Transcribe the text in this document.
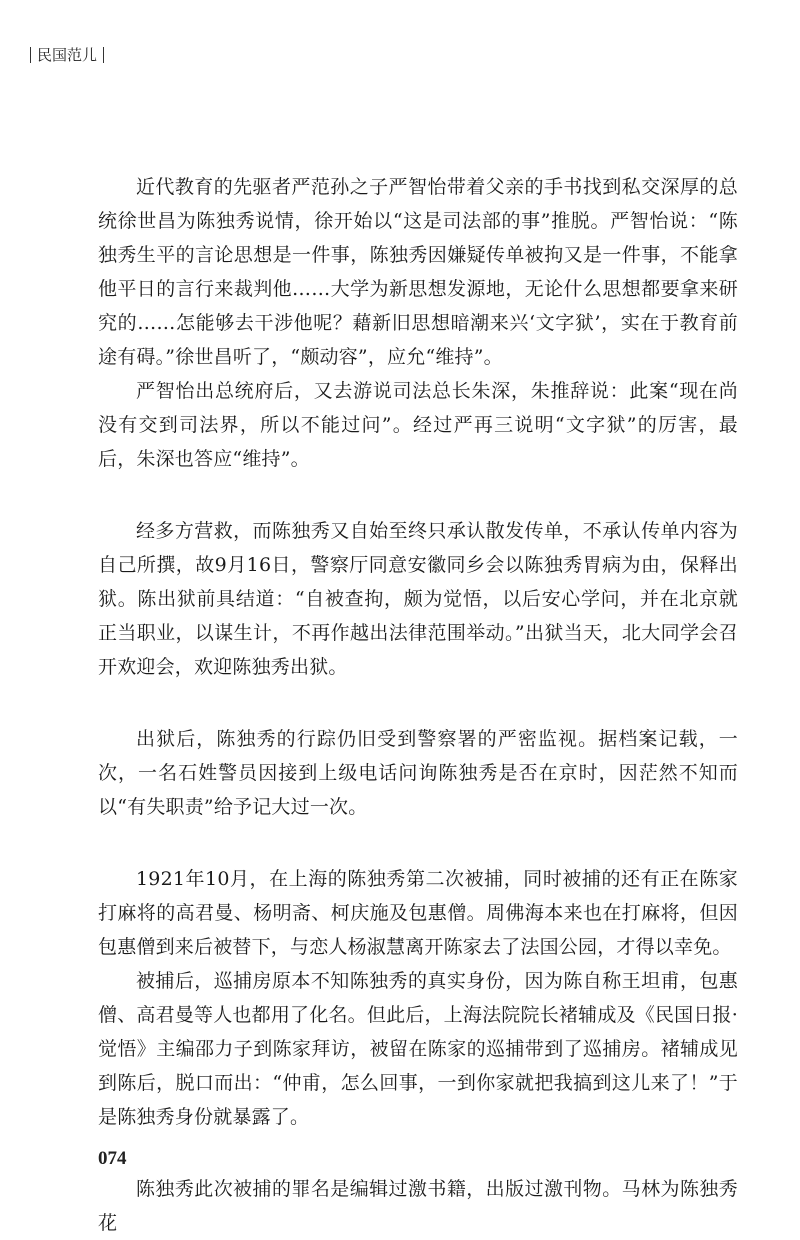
民国范儿

近代教育的先驱者严范孙之子严智怡带着父亲的手书找到私交深厚的总统徐世昌为陈独秀说情，徐开始以“这是司法部的事”推脱。严智怡说：“陈独秀生平的言论思想是一件事，陈独秀因嫌疑传单被拘又是一件事，不能拿他平日的言行来裁判他……大学为新思想发源地，无论什么思想都要拿来研究的……怎能够去干涉他呢？藉新旧思想暗潮来兴‘文字狱’，实在于教育前途有碍。”徐世昌听了，“颇动容”，应允“维持”。

严智怡出总统府后，又去游说司法总长朱深，朱推辞说：此案“现在尚没有交到司法界，所以不能过问”。经过严再三说明“文字狱”的厉害，最后，朱深也答应“维持”。

经多方营救，而陈独秀又自始至终只承认散发传单，不承认传单内容为自己所撰，故9月16日，警察厅同意安徽同乡会以陈独秀胃病为由，保释出狱。陈出狱前具结道：“自被查拘，颇为觉悟，以后安心学问，并在北京就正当职业，以谋生计，不再作越出法律范围举动。”出狱当天，北大同学会召开欢迎会，欢迎陈独秀出狱。

出狱后，陈独秀的行踪仍旧受到警察署的严密监视。据档案记载，一次，一名石姓警员因接到上级电话问询陈独秀是否在京时，因茫然不知而以“有失职责”给予记大过一次。

1921年10月，在上海的陈独秀第二次被捕，同时被捕的还有正在陈家打麻将的高君曼、杨明斋、柯庆施及包惠僧。周佛海本来也在打麻将，但因包惠僧到来后被替下，与恋人杨淑慧离开陈家去了法国公园，才得以幸免。

被捕后，巡捕房原本不知陈独秀的真实身份，因为陈自称王坦甫，包惠僧、高君曼等人也都用了化名。但此后，上海法院院长褚辅成及《民国日报·觉悟》主编邵力子到陈家拜访，被留在陈家的巡捕带到了巡捕房。褚辅成见到陈后，脱口而出：“仲甫，怎么回事，一到你家就把我搞到这儿来了！”于是陈独秀身份就暴露了。

陈独秀此次被捕的罪名是编辑过激书籍，出版过激刊物。马林为陈独秀花

074
